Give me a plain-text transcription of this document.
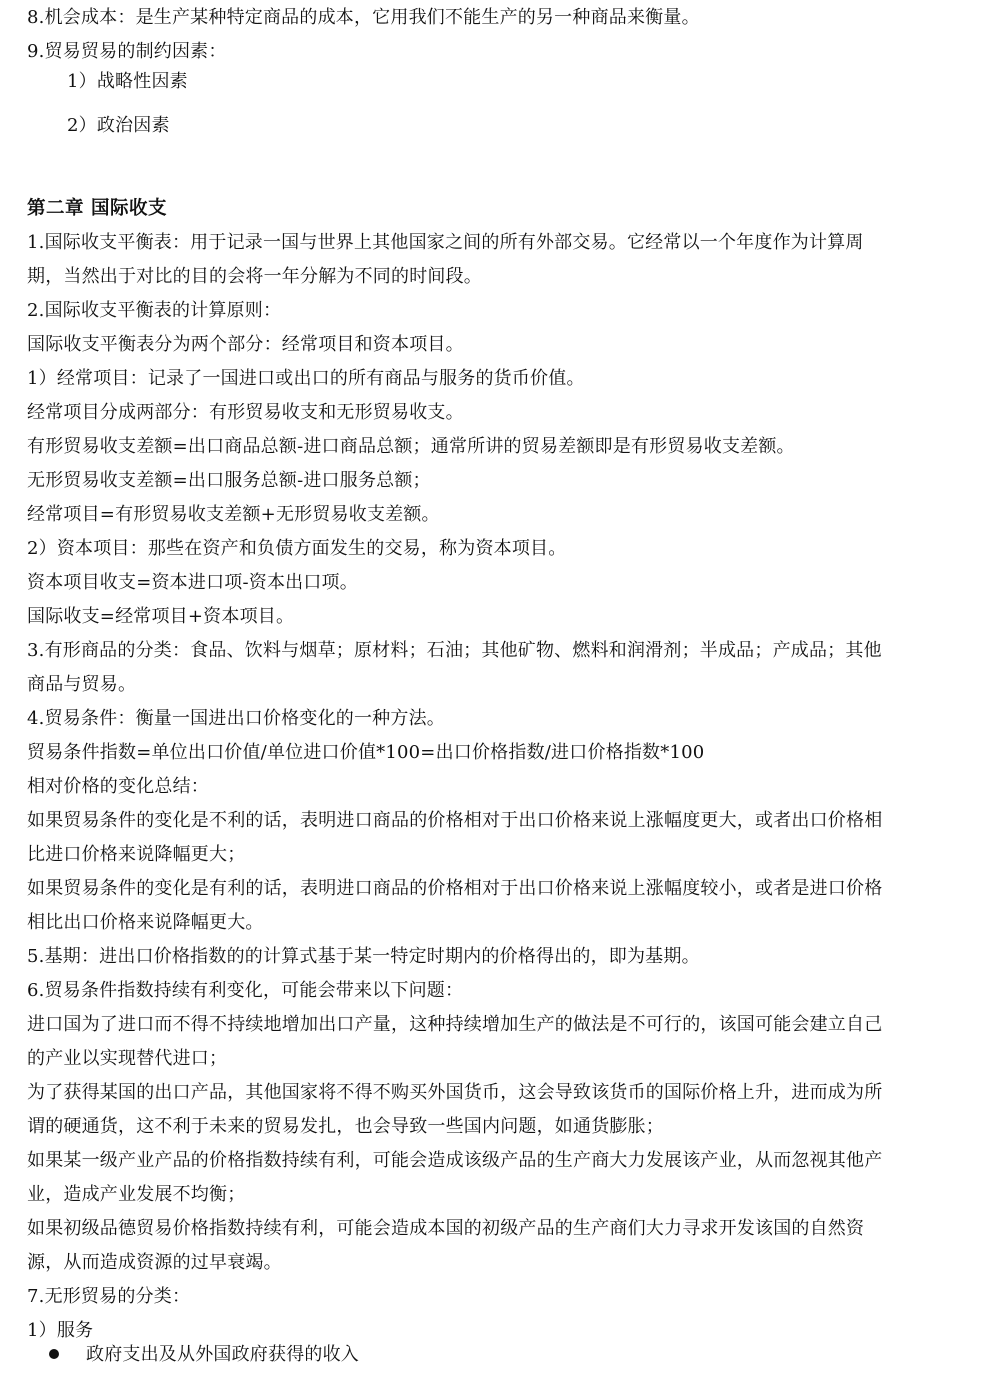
8.机会成本：是生产某种特定商品的成本，它用我们不能生产的另一种商品来衡量。
9.贸易贸易的制约因素：
1）战略性因素
2）政治因素
第二章 国际收支
1.国际收支平衡表：用于记录一国与世界上其他国家之间的所有外部交易。它经常以一个年度作为计算周
期，当然出于对比的目的会将一年分解为不同的时间段。
2.国际收支平衡表的计算原则：
国际收支平衡表分为两个部分：经常项目和资本项目。
1）经常项目：记录了一国进口或出口的所有商品与服务的货币价值。
经常项目分成两部分：有形贸易收支和无形贸易收支。
有形贸易收支差额=出口商品总额-进口商品总额；通常所讲的贸易差额即是有形贸易收支差额。
无形贸易收支差额=出口服务总额-进口服务总额；
经常项目=有形贸易收支差额+无形贸易收支差额。
2）资本项目：那些在资产和负债方面发生的交易，称为资本项目。
资本项目收支=资本进口项-资本出口项。
国际收支=经常项目+资本项目。
3.有形商品的分类：食品、饮料与烟草；原材料；石油；其他矿物、燃料和润滑剂；半成品；产成品；其他
商品与贸易。
4.贸易条件：衡量一国进出口价格变化的一种方法。
贸易条件指数=单位出口价值/单位进口价值*100=出口价格指数/进口价格指数*100
相对价格的变化总结：
如果贸易条件的变化是不利的话，表明进口商品的价格相对于出口价格来说上涨幅度更大，或者出口价格相
比进口价格来说降幅更大；
如果贸易条件的变化是有利的话，表明进口商品的价格相对于出口价格来说上涨幅度较小，或者是进口价格
相比出口价格来说降幅更大。
5.基期：进出口价格指数的的计算式基于某一特定时期内的价格得出的，即为基期。
6.贸易条件指数持续有利变化，可能会带来以下问题：
进口国为了进口而不得不持续地增加出口产量，这种持续增加生产的做法是不可行的，该国可能会建立自己
的产业以实现替代进口；
为了获得某国的出口产品，其他国家将不得不购买外国货币，这会导致该货币的国际价格上升，进而成为所
谓的硬通货，这不利于未来的贸易发扎，也会导致一些国内问题，如通货膨胀；
如果某一级产业产品的价格指数持续有利，可能会造成该级产品的生产商大力发展该产业，从而忽视其他产
业，造成产业发展不均衡；
如果初级品德贸易价格指数持续有利，可能会造成本国的初级产品的生产商们大力寻求开发该国的自然资
源，从而造成资源的过早衰竭。
7.无形贸易的分类：
1）服务
政府支出及从外国政府获得的收入
